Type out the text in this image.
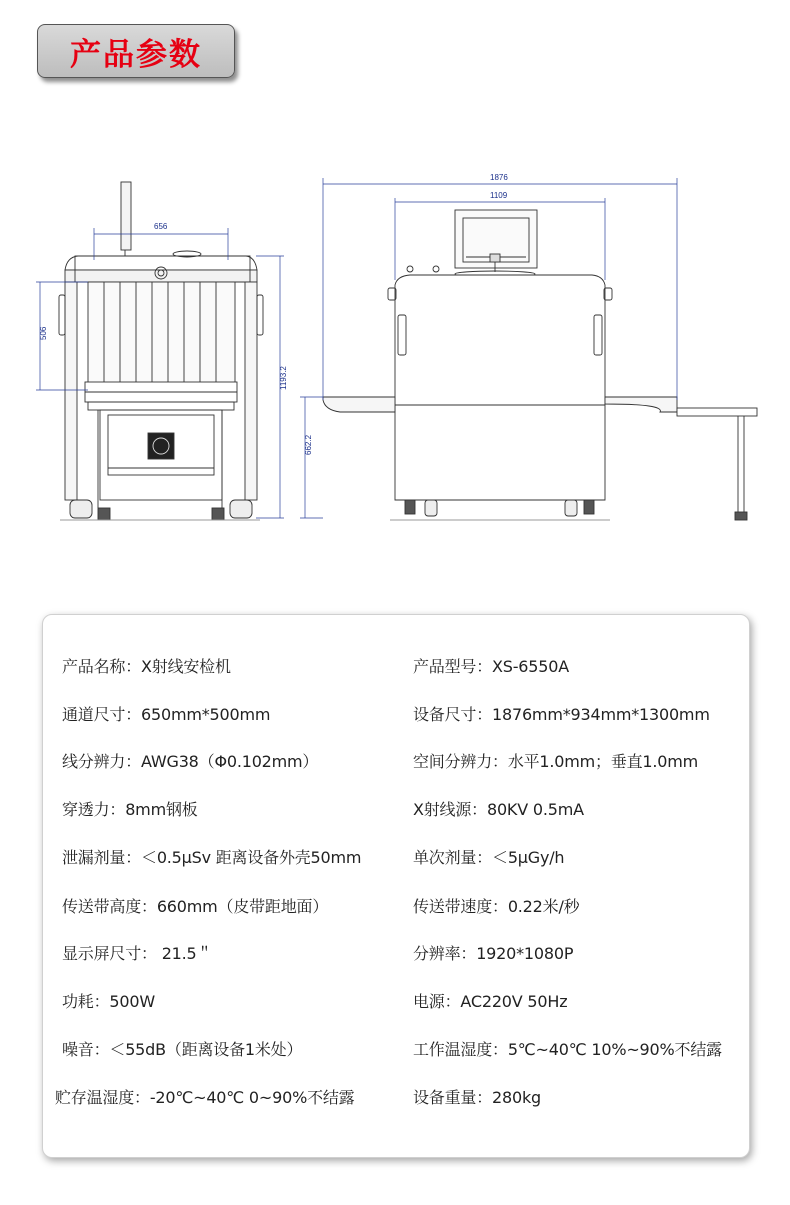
产品参数
656
506
1193.2
1876
1109
662.2
产品名称：X射线安检机
通道尺寸：650mm*500mm
线分辨力：AWG38（Φ0.102mm）
穿透力：8mm钢板
泄漏剂量：＜0.5μSv 距离设备外壳50mm
传送带高度：660mm（皮带距地面）
显示屏尺寸： 21.5＂
功耗：500W
噪音：＜55dB（距离设备1米处）
贮存温湿度：-20℃~40℃ 0~90%不结露
产品型号：XS-6550A
设备尺寸：1876mm*934mm*1300mm
空间分辨力：水平1.0mm；垂直1.0mm
X射线源：80KV 0.5mA
单次剂量：＜5μGy/h
传送带速度：0.22米/秒
分辨率：1920*1080P
电源：AC220V 50Hz
工作温湿度：5℃~40℃ 10%~90%不结露
设备重量：280kg
